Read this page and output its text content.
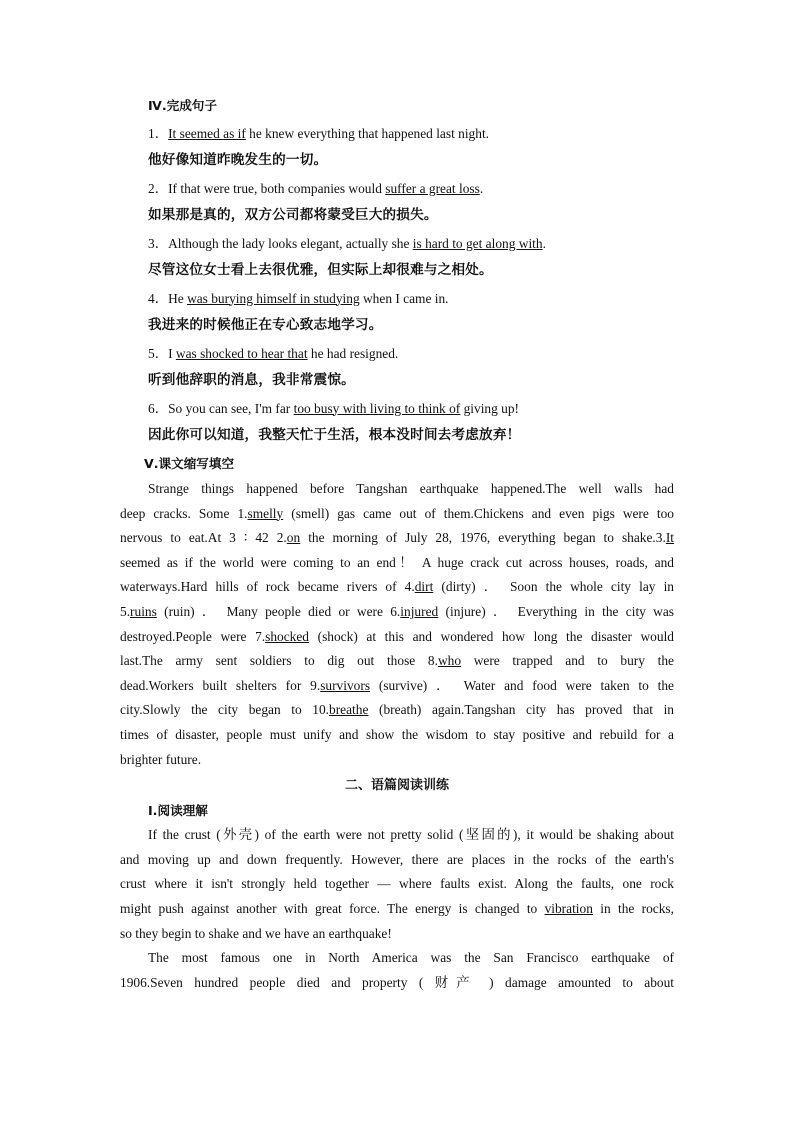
Ⅳ.完成句子
1．It seemed as if he knew everything that happened last night.
他好像知道昨晚发生的一切。
2．If that were true, both companies would suffer a great loss.
如果那是真的，双方公司都将蒙受巨大的损失。
3．Although the lady looks elegant, actually she is hard to get along with.
尽管这位女士看上去很优雅，但实际上却很难与之相处。
4．He was burying himself in studying when I came in.
我进来的时候他正在专心致志地学习。
5．I was shocked to hear that he had resigned.
听到他辞职的消息，我非常震惊。
6．So you can see, I'm far too busy with living to think of giving up!
因此你可以知道，我整天忙于生活，根本没时间去考虑放弃！
Ⅴ.课文缩写填空
Strange things happened before Tangshan earthquake happened.The well walls had
deep cracks. Some 1.smelly (smell) gas came out of them.Chickens and even pigs were too
nervous to eat.At 3 ∶ 42 2.on the morning of July 28, 1976, everything began to shake.3.It
seemed as if the world were coming to an end！ A huge crack cut across houses, roads, and
waterways.Hard hills of rock became rivers of 4.dirt (dirty) ． Soon the whole city lay in
5.ruins (ruin) ． Many people died or were 6.injured (injure) ． Everything in the city was
destroyed.People were 7.shocked (shock) at this and wondered how long the disaster would
last.The army sent soldiers to dig out those 8.who were trapped and to bury the
dead.Workers built shelters for 9.survivors (survive) ． Water and food were taken to the
city.Slowly the city began to 10.breathe (breath) again.Tangshan city has proved that in
times of disaster, people must unify and show the wisdom to stay positive and rebuild for a
brighter future.
二、语篇阅读训练
Ⅰ.阅读理解
If the crust (外壳) of the earth were not pretty solid (坚固的), it would be shaking about
and moving up and down frequently. However, there are places in the rocks of the earth's
crust where it isn't strongly held together — where faults exist. Along the faults, one rock
might push against another with great force. The energy is changed to vibration in the rocks,
so they begin to shake and we have an earthquake!
The most famous one in North America was the San Francisco earthquake of
1906.Seven hundred people died and property ( 财产 ) damage amounted to about
